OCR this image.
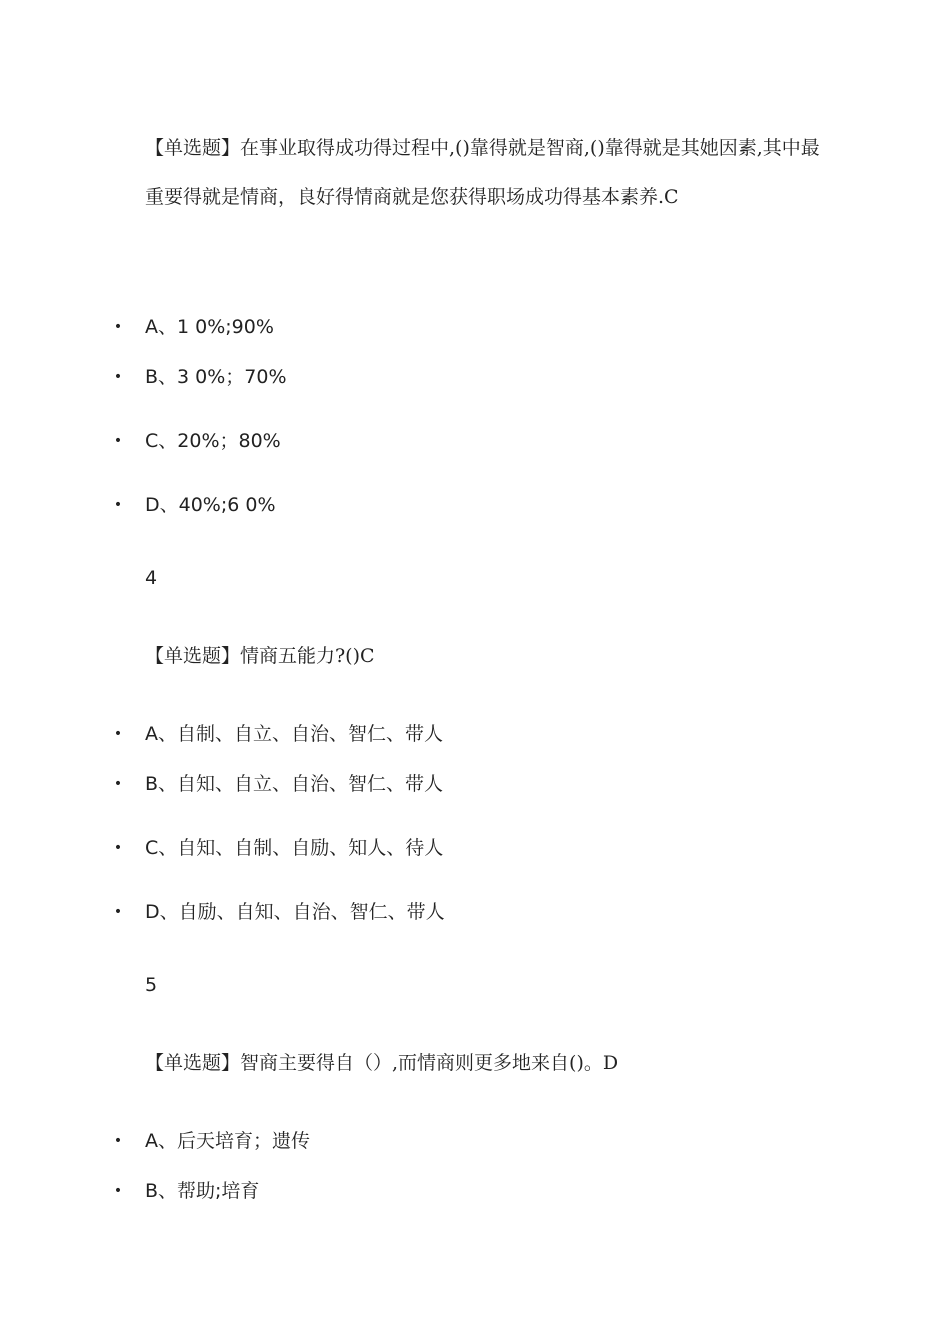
【单选题】在事业取得成功得过程中,()靠得就是智商,()靠得就是其她因素,其中最重要得就是情商，良好得情商就是您获得职场成功得基本素养.C
• A、1 0%;90%
• B、3 0%；70%
• C、20%；80%
• D、40%;6 0%
4
【单选题】情商五能力?()C
• A、自制、自立、自治、智仁、带人
• B、自知、自立、自治、智仁、带人
• C、自知、自制、自励、知人、待人
• D、自励、自知、自治、智仁、带人
5
【单选题】智商主要得自（）,而情商则更多地来自()。D
• A、后天培育；遗传
• B、帮助;培育
